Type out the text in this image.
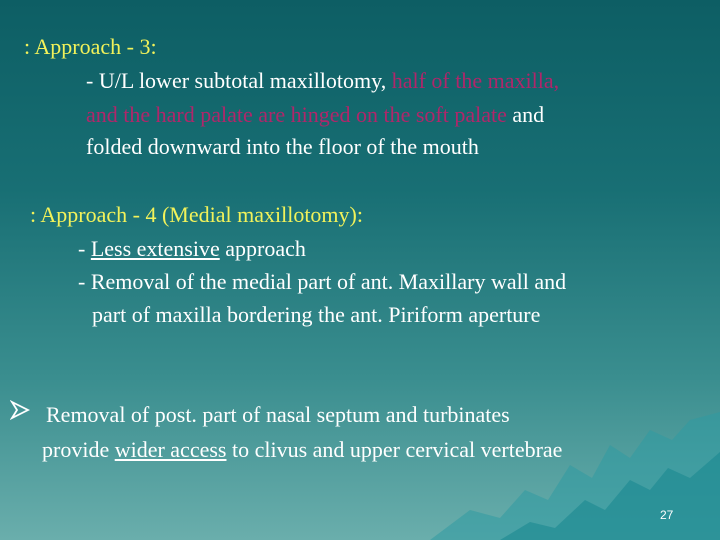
: Approach - 3:
- U/L lower subtotal maxillotomy, half of the maxilla,
and the hard palate are hinged on the soft palate and
folded downward into the floor of the mouth
: Approach - 4 (Medial maxillotomy):
- Less extensive approach
- Removal of the medial part of ant. Maxillary wall and
part of maxilla bordering the ant. Piriform aperture
Removal of post. part of nasal septum and turbinates
provide wider access to clivus and upper cervical vertebrae
27
